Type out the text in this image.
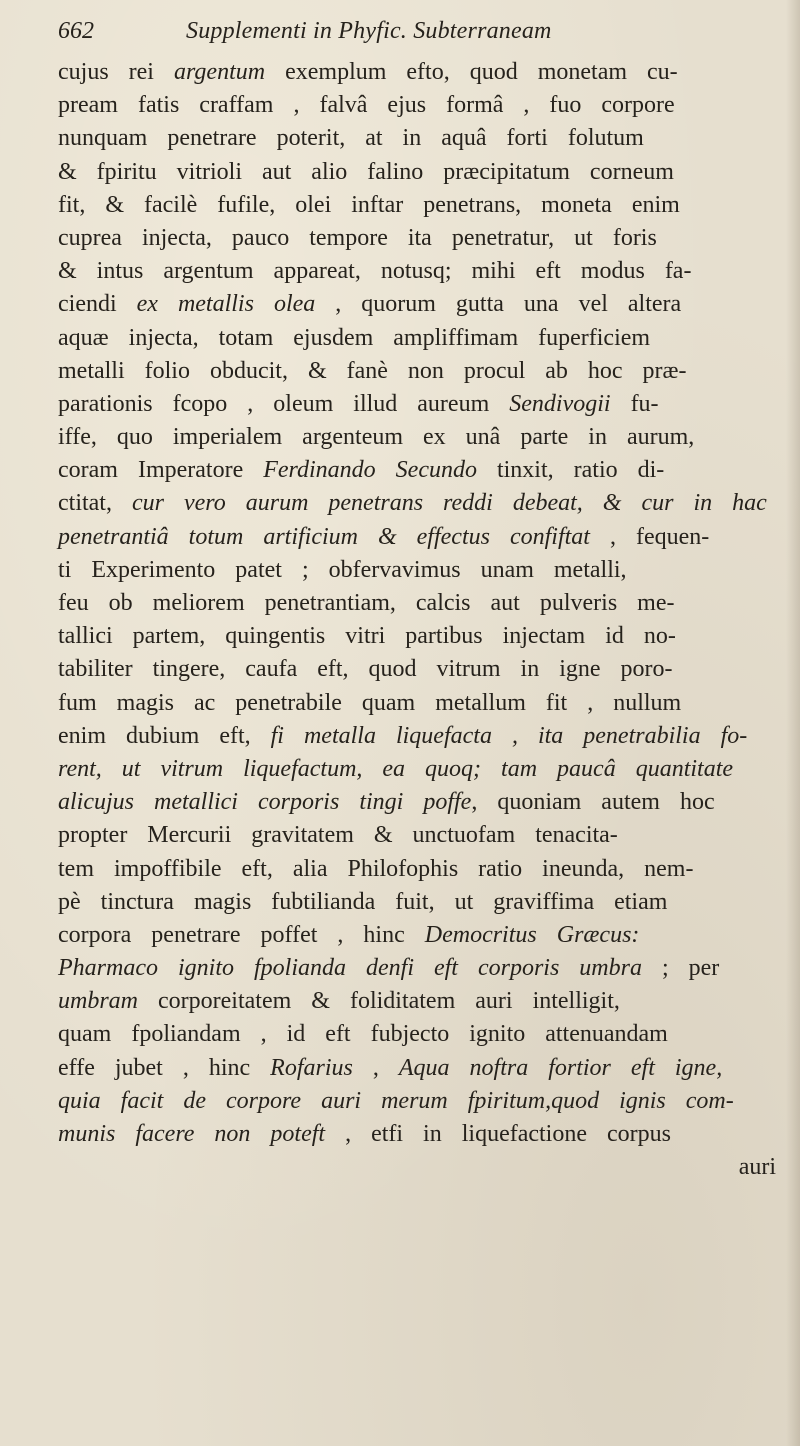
662	Supplementi in Phyfic. Subterraneam
cujus rei argentum exemplum efto, quod monetam cu-
pream fatis craffam , falvâ ejus formâ , fuo corpore
nunquam penetrare poterit, at in aquâ forti folutum
& fpiritu vitrioli aut alio falino præcipitatum corneum
fit, & facilè fufile, olei inftar penetrans, moneta enim
cuprea injecta, pauco tempore ita penetratur, ut foris
& intus argentum appareat, notusq; mihi eft modus fa-
ciendi ex metallis olea , quorum gutta una vel altera
aquæ injecta, totam ejusdem ampliffimam fuperficiem
metalli folio obducit, & fanè non procul ab hoc præ-
parationis fcopo , oleum illud aureum Sendivogii fu-
iffe, quo imperialem argenteum ex unâ parte in aurum,
coram Imperatore Ferdinando Secundo tinxit, ratio di-
ctitat, cur vero aurum penetrans reddi debeat, & cur in hac
penetrantiâ totum artificium & effectus confiftat , fequen-
ti Experimento patet ; obfervavimus unam metalli,
feu ob meliorem penetrantiam, calcis aut pulveris me-
tallici partem, quingentis vitri partibus injectam id no-
tabiliter tingere, caufa eft, quod vitrum in igne poro-
fum magis ac penetrabile quam metallum fit , nullum
enim dubium eft, fi metalla liquefacta , ita penetrabilia fo-
rent, ut vitrum liquefactum, ea quoq; tam paucâ quantitate
alicujus metallici corporis tingi poffe, quoniam autem hoc
propter Mercurii gravitatem & unctuofam tenacita-
tem impoffibile eft, alia Philofophis ratio ineunda, nem-
pè tinctura magis fubtilianda fuit, ut graviffima etiam
corpora penetrare poffet , hinc Democritus Græcus:
Pharmaco ignito fpolianda denfi eft corporis umbra ; per
umbram corporeitatem & foliditatem auri intelligit,
quam fpoliandam , id eft fubjecto ignito attenuandam
effe jubet , hinc Rofarius , Aqua noftra fortior eft igne,
quia facit de corpore auri merum fpiritum,quod ignis com-
munis facere non poteft , etfi in liquefactione corpus
auri
